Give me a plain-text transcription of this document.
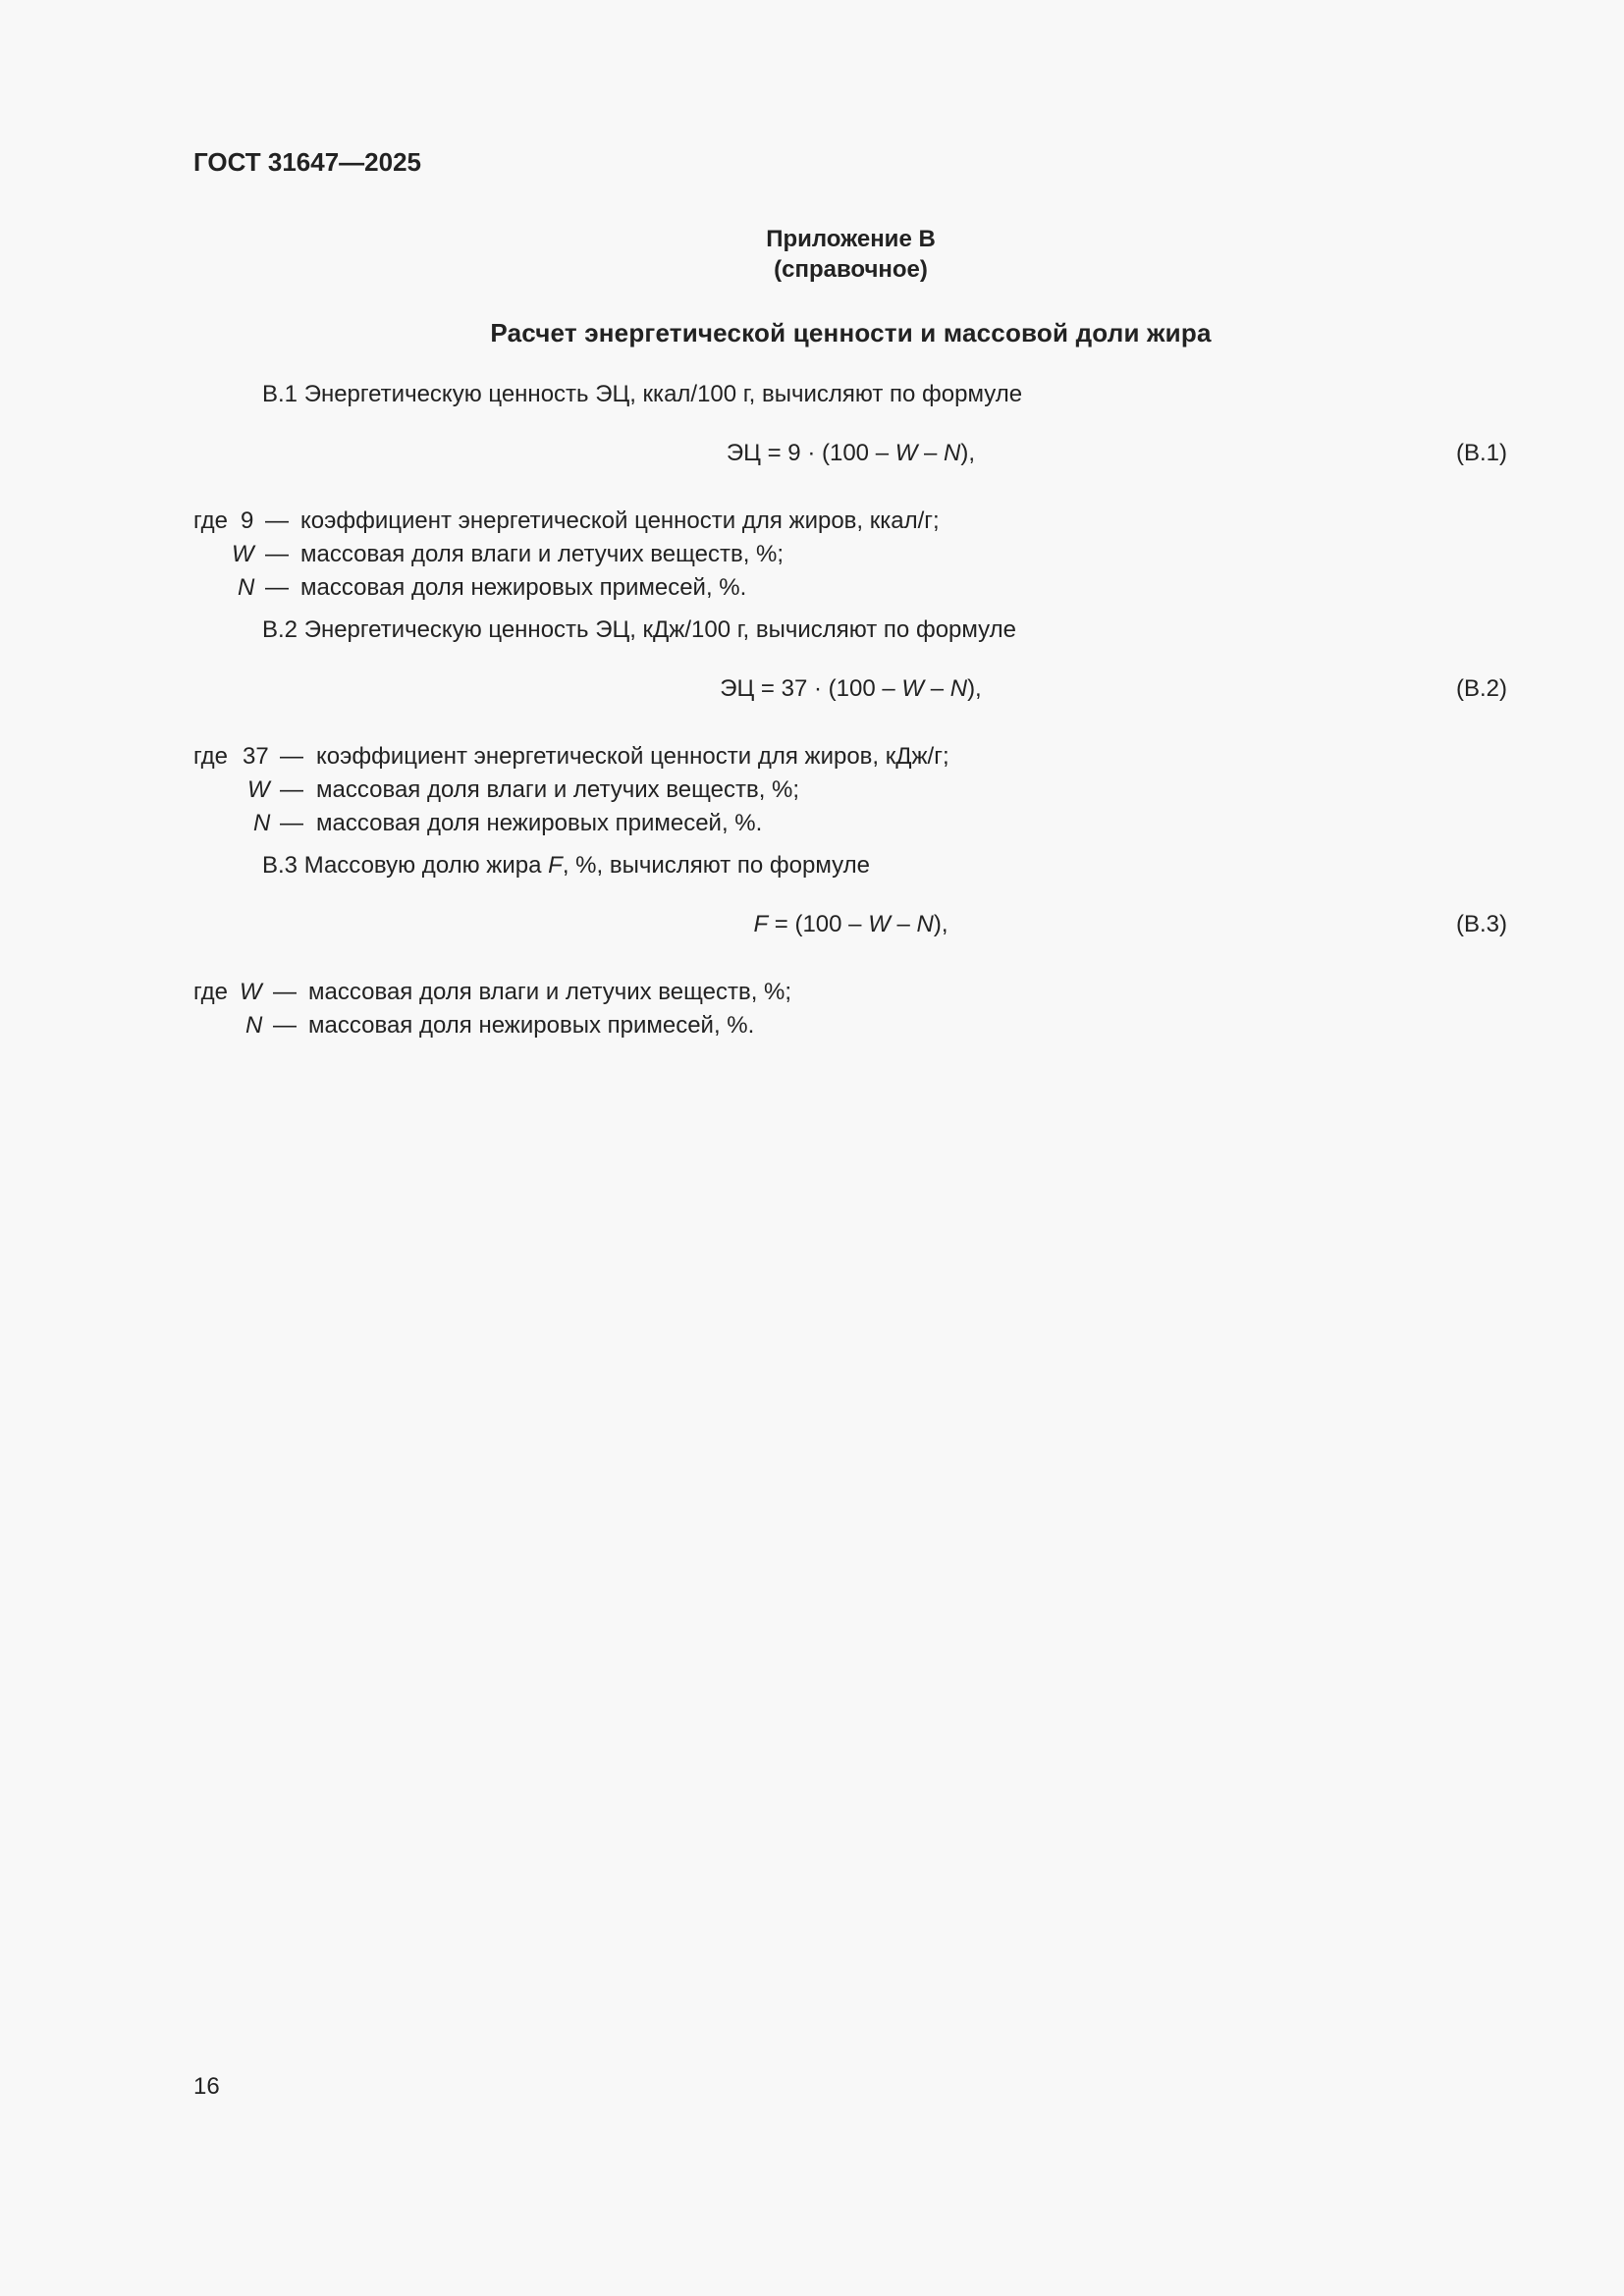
ГОСТ 31647—2025
Приложение В
(справочное)
Расчет энергетической ценности и массовой доли жира
В.1 Энергетическую ценность ЭЦ, ккал/100 г, вычисляют по формуле
ЭЦ = 9 · (100 – W – N),	(В.1)
где 9 — коэффициент энергетической ценности для жиров, ккал/г;
W — массовая доля влаги и летучих веществ, %;
N — массовая доля нежировых примесей, %.
В.2 Энергетическую ценность ЭЦ, кДж/100 г, вычисляют по формуле
ЭЦ = 37 · (100 – W – N),	(В.2)
где 37 — коэффициент энергетической ценности для жиров, кДж/г;
W — массовая доля влаги и летучих веществ, %;
N — массовая доля нежировых примесей, %.
В.3 Массовую долю жира F, %, вычисляют по формуле
F = (100 – W – N),	(В.3)
где W — массовая доля влаги и летучих веществ, %;
N — массовая доля нежировых примесей, %.
16
